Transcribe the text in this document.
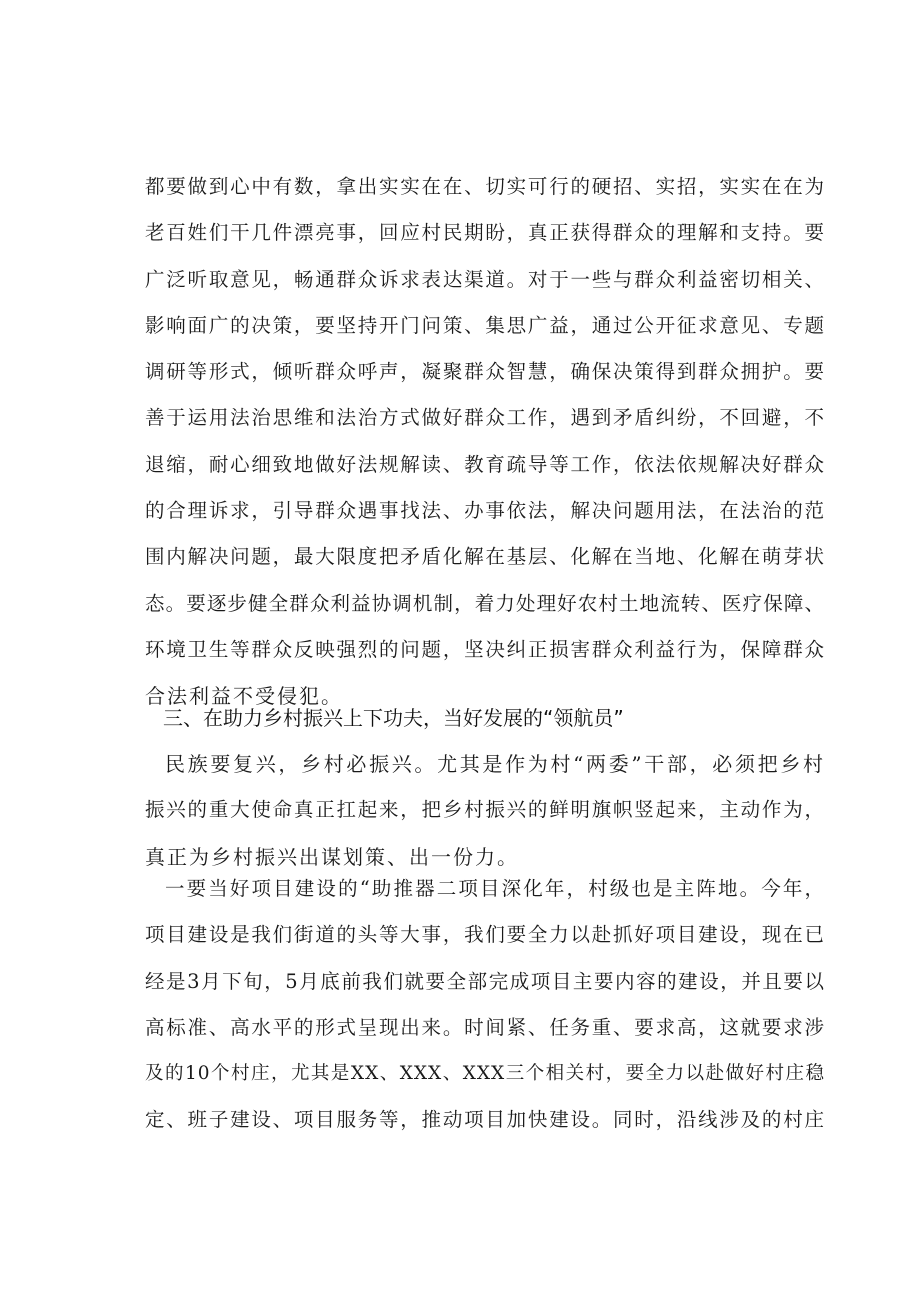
都要做到心中有数，拿出实实在在、切实可行的硬招、实招，实实在在为
老百姓们干几件漂亮事，回应村民期盼，真正获得群众的理解和支持。要
广泛听取意见，畅通群众诉求表达渠道。对于一些与群众利益密切相关、
影响面广的决策，要坚持开门问策、集思广益，通过公开征求意见、专题
调研等形式，倾听群众呼声，凝聚群众智慧，确保决策得到群众拥护。要
善于运用法治思维和法治方式做好群众工作，遇到矛盾纠纷，不回避，不
退缩，耐心细致地做好法规解读、教育疏导等工作，依法依规解决好群众
的合理诉求，引导群众遇事找法、办事依法，解决问题用法，在法治的范
围内解决问题，最大限度把矛盾化解在基层、化解在当地、化解在萌芽状
态。要逐步健全群众利益协调机制，着力处理好农村土地流转、医疗保障、
环境卫生等群众反映强烈的问题，坚决纠正损害群众利益行为，保障群众
合法利益不受侵犯。
三、在助力乡村振兴上下功夫，当好发展的“领航员”
民族要复兴，乡村必振兴。尤其是作为村“两委”干部，必须把乡村
振兴的重大使命真正扛起来，把乡村振兴的鲜明旗帜竖起来，主动作为，
真正为乡村振兴出谋划策、出一份力。
一要当好项目建设的“助推器二项目深化年，村级也是主阵地。今年，
项目建设是我们街道的头等大事，我们要全力以赴抓好项目建设，现在已
经是3月下旬，5月底前我们就要全部完成项目主要内容的建设，并且要以
高标准、高水平的形式呈现出来。时间紧、任务重、要求高，这就要求涉
及的10个村庄，尤其是XX、XXX、XXX三个相关村，要全力以赴做好村庄稳
定、班子建设、项目服务等，推动项目加快建设。同时，沿线涉及的村庄
